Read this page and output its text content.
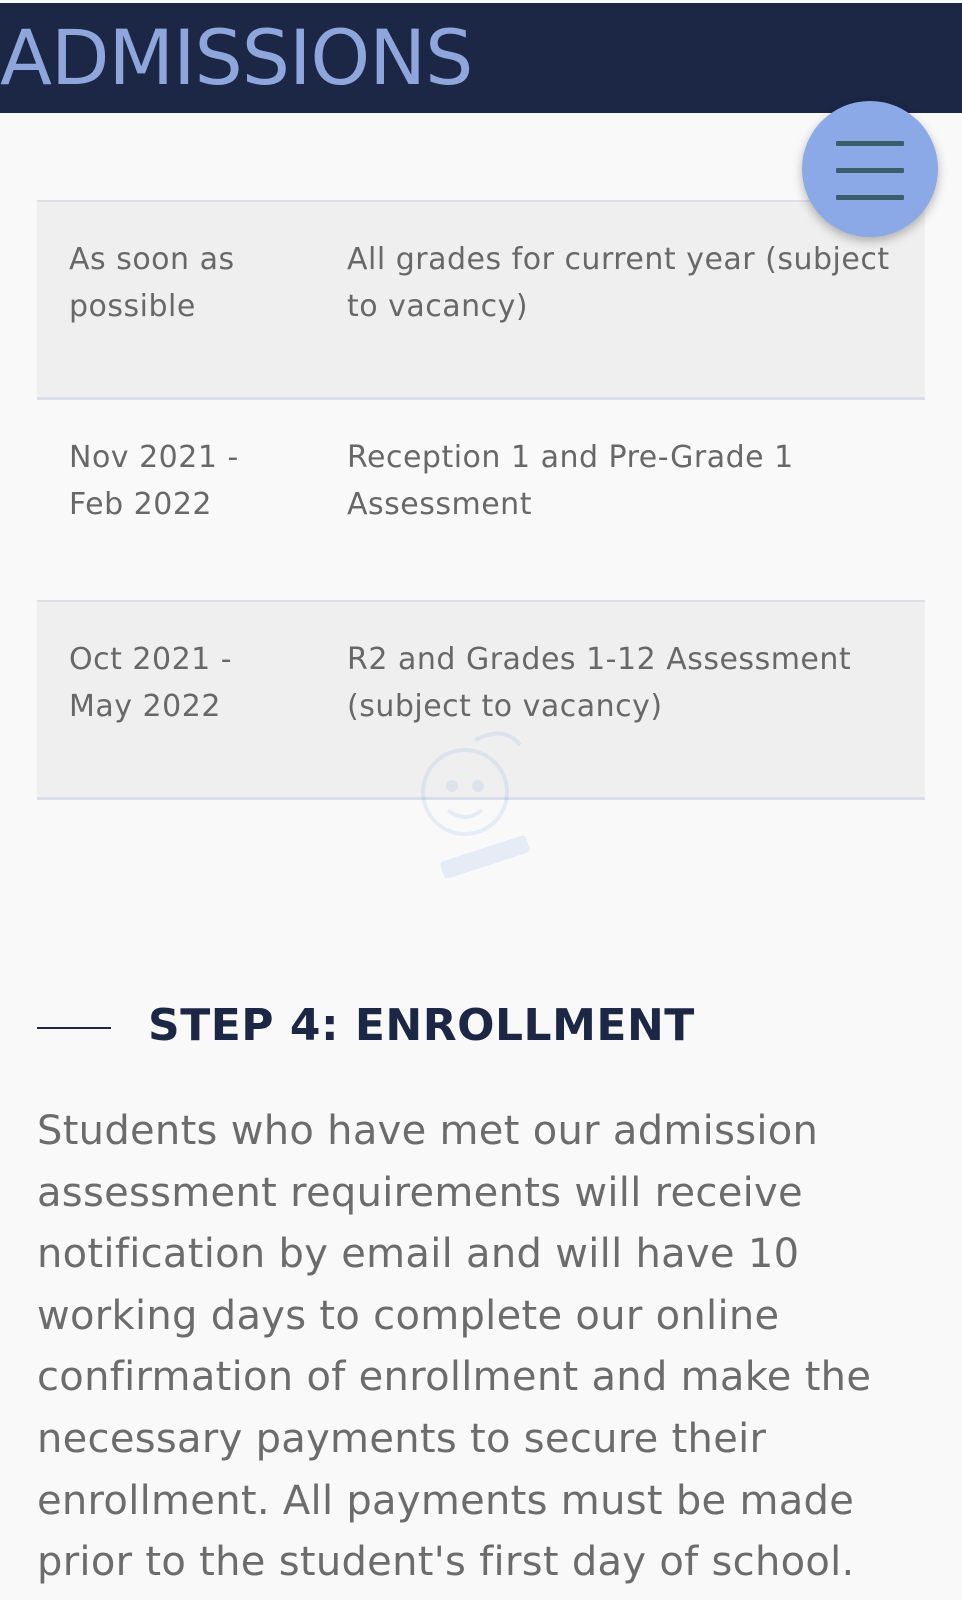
ADMISSIONS
As soon as possible
All grades for current year (subject to vacancy)
Nov 2021 - Feb 2022
Reception 1 and Pre-Grade 1 Assessment
Oct 2021 - May 2022
R2 and Grades 1-12 Assessment (subject to vacancy)
STEP 4: ENROLLMENT
Students who have met our admission assessment requirements will receive notification by email and will have 10 working days to complete our online confirmation of enrollment and make the necessary payments to secure their enrollment. All payments must be made prior to the student's first day of school.
